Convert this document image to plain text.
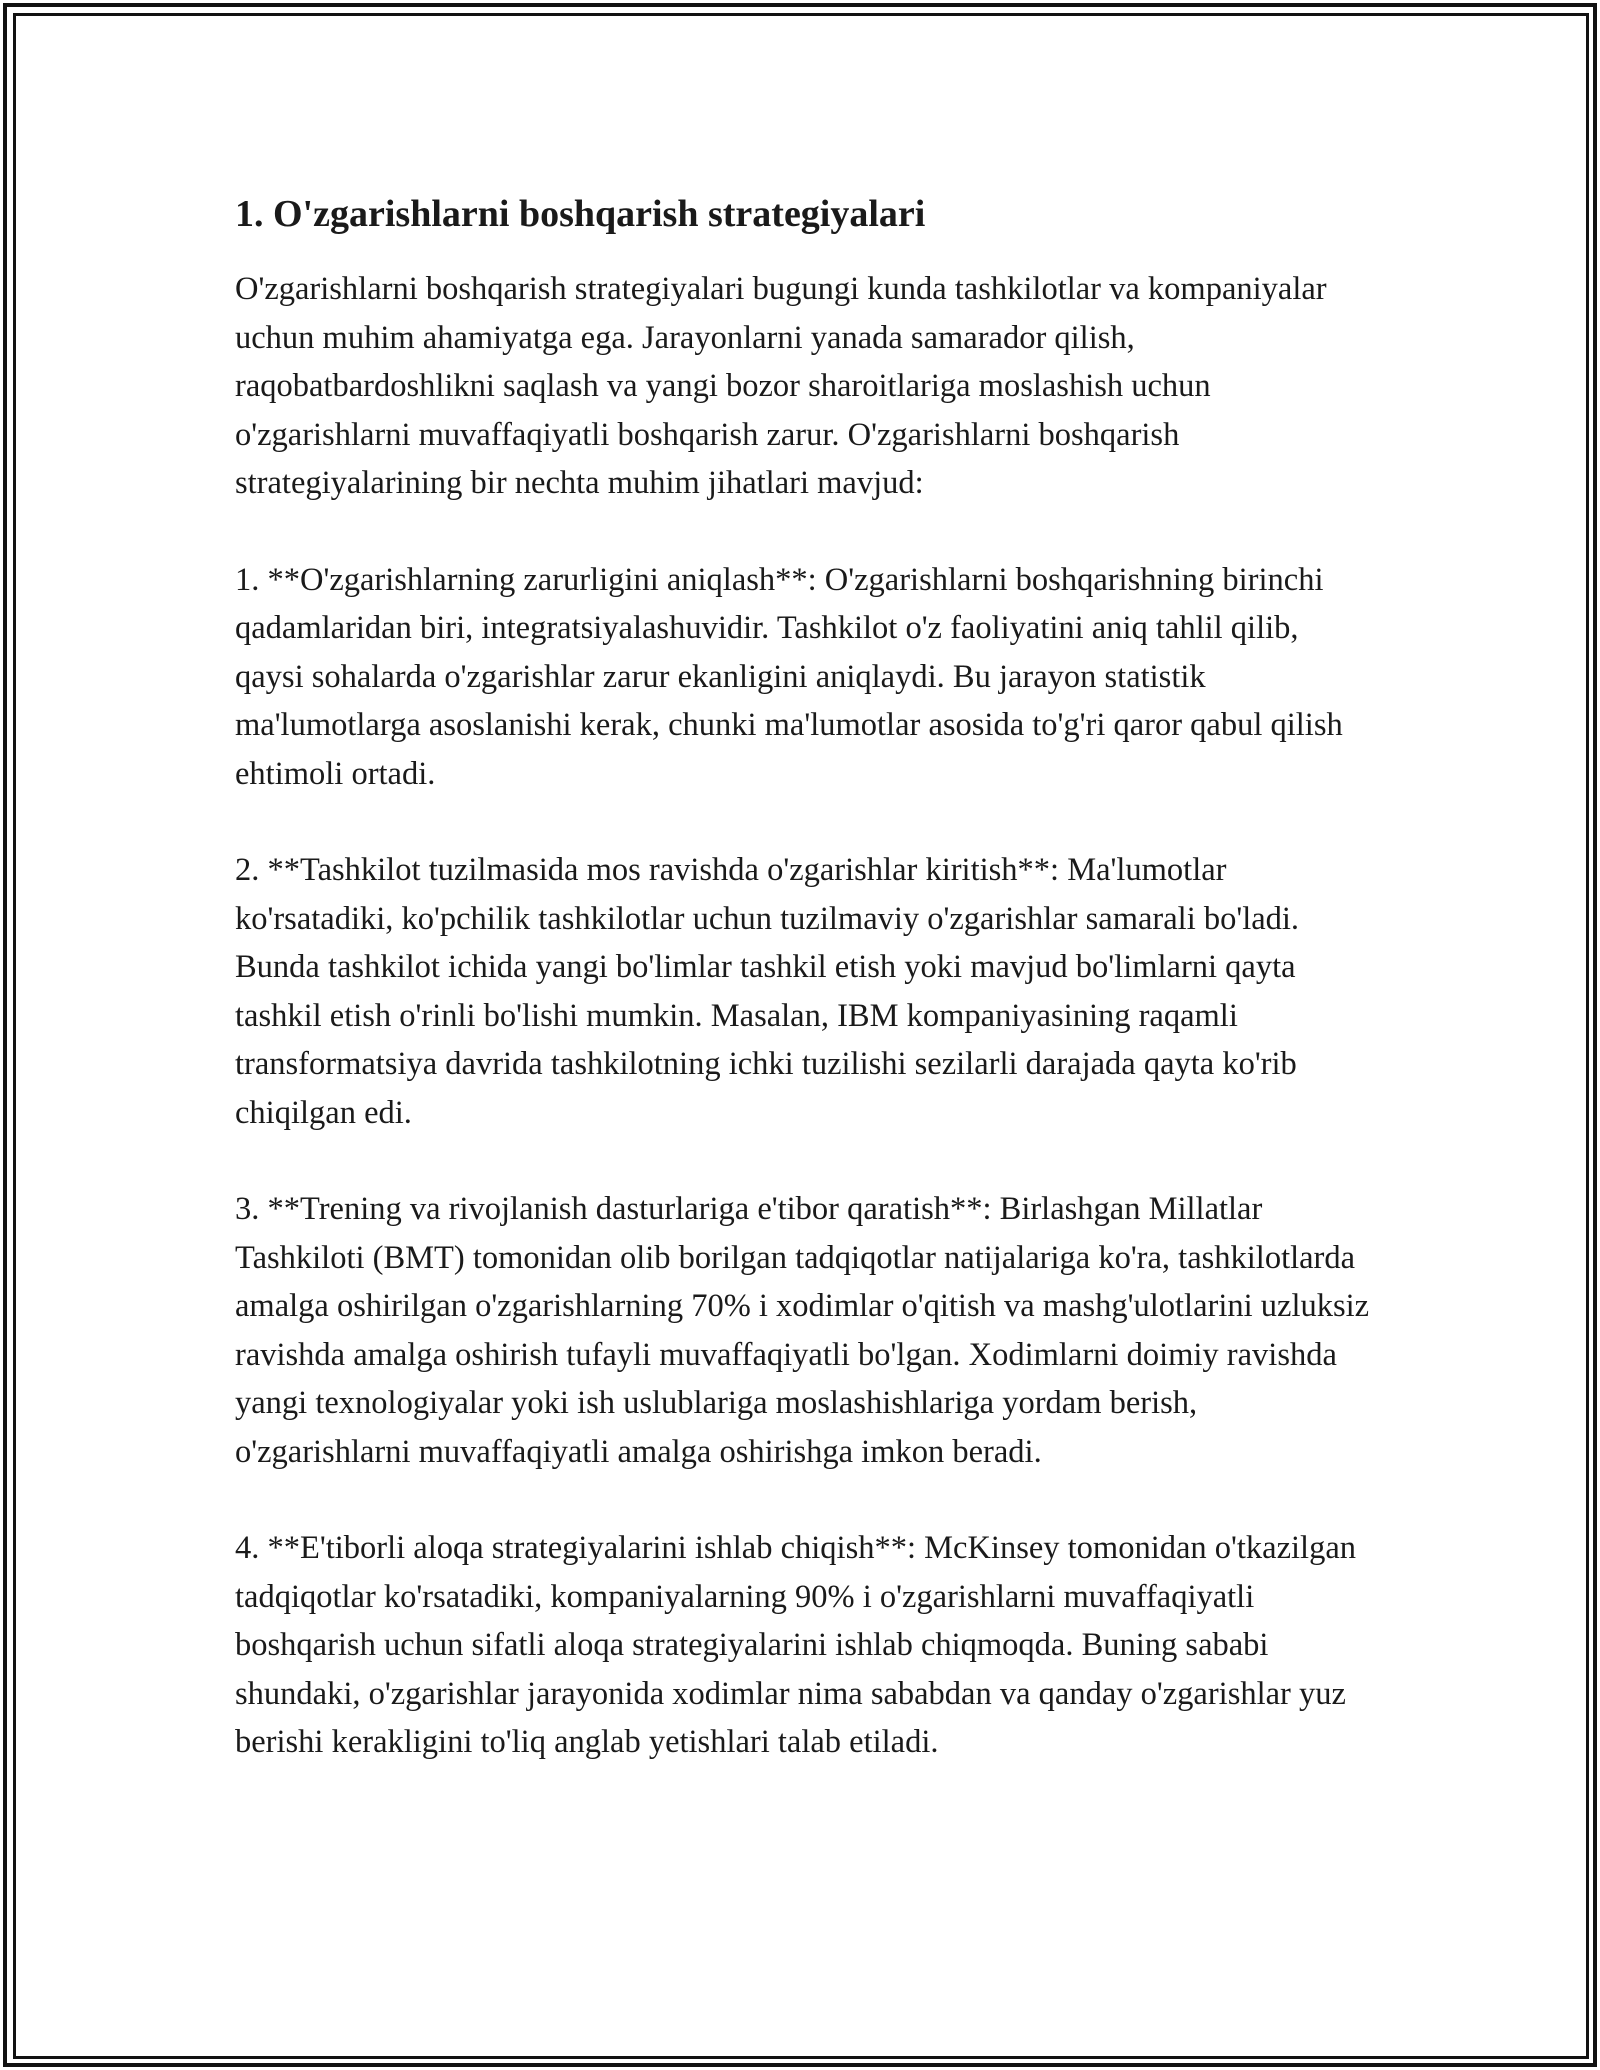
1. O'zgarishlarni boshqarish strategiyalari

O'zgarishlarni boshqarish strategiyalari bugungi kunda tashkilotlar va kompaniyalar uchun muhim ahamiyatga ega. Jarayonlarni yanada samarador qilish, raqobatbardoshlikni saqlash va yangi bozor sharoitlariga moslashish uchun o'zgarishlarni muvaffaqiyatli boshqarish zarur. O'zgarishlarni boshqarish strategiyalarining bir nechta muhim jihatlari mavjud:

1. **O'zgarishlarning zarurligini aniqlash**: O'zgarishlarni boshqarishning birinchi qadamlaridan biri, integratsiyalashuvidir. Tashkilot o'z faoliyatini aniq tahlil qilib, qaysi sohalarda o'zgarishlar zarur ekanligini aniqlaydi. Bu jarayon statistik ma'lumotlarga asoslanishi kerak, chunki ma'lumotlar asosida to'g'ri qaror qabul qilish ehtimoli ortadi.

2. **Tashkilot tuzilmasida mos ravishda o'zgarishlar kiritish**: Ma'lumotlar ko'rsatadiki, ko'pchilik tashkilotlar uchun tuzilmaviy o'zgarishlar samarali bo'ladi. Bunda tashkilot ichida yangi bo'limlar tashkil etish yoki mavjud bo'limlarni qayta tashkil etish o'rinli bo'lishi mumkin. Masalan, IBM kompaniyasining raqamli transformatsiya davrida tashkilotning ichki tuzilishi sezilarli darajada qayta ko'rib chiqilgan edi.

3. **Trening va rivojlanish dasturlariga e'tibor qaratish**: Birlashgan Millatlar Tashkiloti (BMT) tomonidan olib borilgan tadqiqotlar natijalariga ko'ra, tashkilotlarda amalga oshirilgan o'zgarishlarning 70% i xodimlar o'qitish va mashg'ulotlarini uzluksiz ravishda amalga oshirish tufayli muvaffaqiyatli bo'lgan. Xodimlarni doimiy ravishda yangi texnologiyalar yoki ish uslublariga moslashishlariga yordam berish, o'zgarishlarni muvaffaqiyatli amalga oshirishga imkon beradi.

4. **E'tiborli aloqa strategiyalarini ishlab chiqish**: McKinsey tomonidan o'tkazilgan tadqiqotlar ko'rsatadiki, kompaniyalarning 90% i o'zgarishlarni muvaffaqiyatli boshqarish uchun sifatli aloqa strategiyalarini ishlab chiqmoqda. Buning sababi shundaki, o'zgarishlar jarayonida xodimlar nima sababdan va qanday o'zgarishlar yuz berishi kerakligini to'liq anglab yetishlari talab etiladi.
